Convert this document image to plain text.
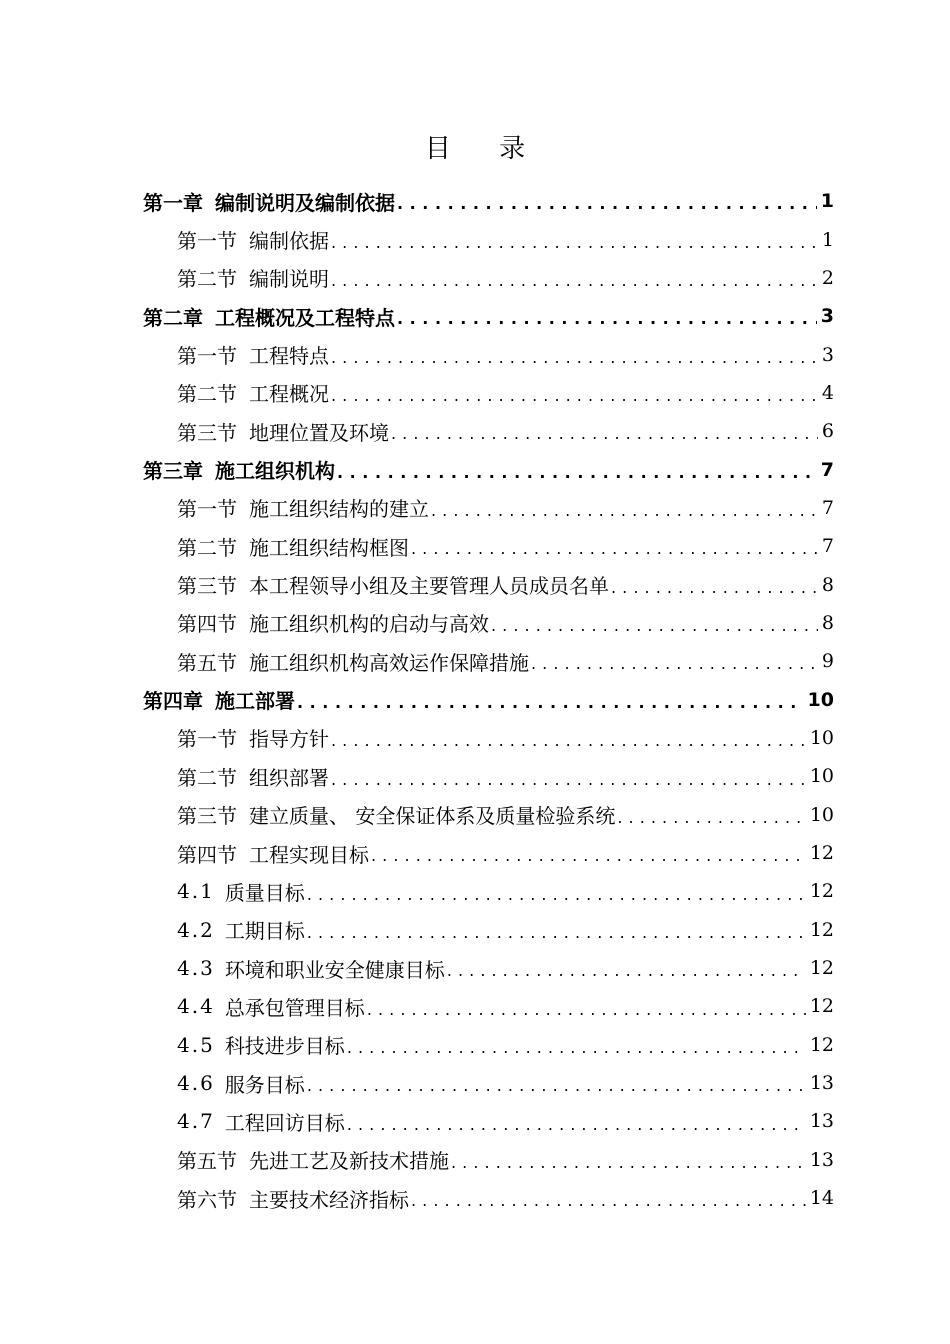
目 录
第一章 编制说明及编制依据 . . .	1
第一节 编制依据 . . .	1
第二节 编制说明 . . .	2
第二章 工程概况及工程特点 . . .	3
第一节 工程特点 . . .	3
第二节 工程概况 . . .	4
第三节 地理位置及环境 . . .	6
第三章 施工组织机构 . . .	7
第一节 施工组织结构的建立 . . .	7
第二节 施工组织结构框图 . . .	7
第三节 本工程领导小组及主要管理人员成员名单 . . .	8
第四节 施工组织机构的启动与高效 . . .	8
第五节 施工组织机构高效运作保障措施 . . .	9
第四章 施工部署 . . .	10
第一节 指导方针 . . .	10
第二节 组织部署 . . .	10
第三节 建立质量、 安全保证体系及质量检验系统 . . .	10
第四节 工程实现目标 . . .	12
4.1 质量目标 . . .	12
4.2 工期目标 . . .	12
4.3 环境和职业安全健康目标 . . .	12
4.4 总承包管理目标 . . .	12
4.5 科技进步目标 . . .	12
4.6 服务目标 . . .	13
4.7 工程回访目标 . . .	13
第五节 先进工艺及新技术措施 . . .	13
第六节 主要技术经济指标 . . .	14
